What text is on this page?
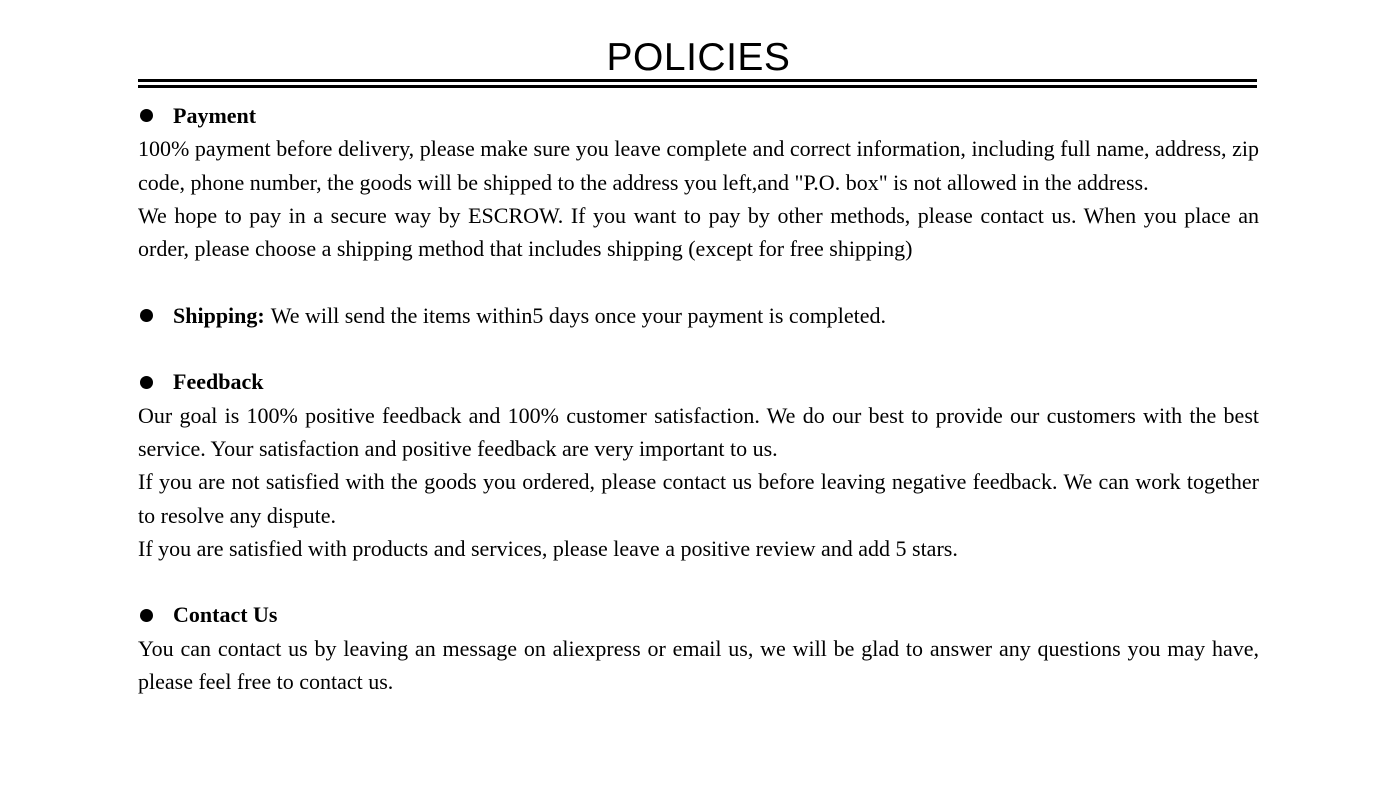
POLICIES
Payment

100% payment before delivery, please make sure you leave complete and correct information, including full name, address, zip code, phone number, the goods will be shipped to the address you left,and "P.O. box" is not allowed in the address.

We hope to pay in a secure way by ESCROW. If you want to pay by other methods, please contact us. When you place an order, please choose a shipping method that includes shipping (except for free shipping)

Shipping: We will send the items within5 days once your payment is completed.
Feedback

Our goal is 100% positive feedback and 100% customer satisfaction. We do our best to provide our customers with the best service. Your satisfaction and positive feedback are very important to us.

If you are not satisfied with the goods you ordered, please contact us before leaving negative feedback. We can work together to resolve any dispute.

If you are satisfied with products and services, please leave a positive review and add 5 stars.

Contact Us

You can contact us by leaving an message on aliexpress or email us, we will be glad to answer any questions you may have, please feel free to contact us.
